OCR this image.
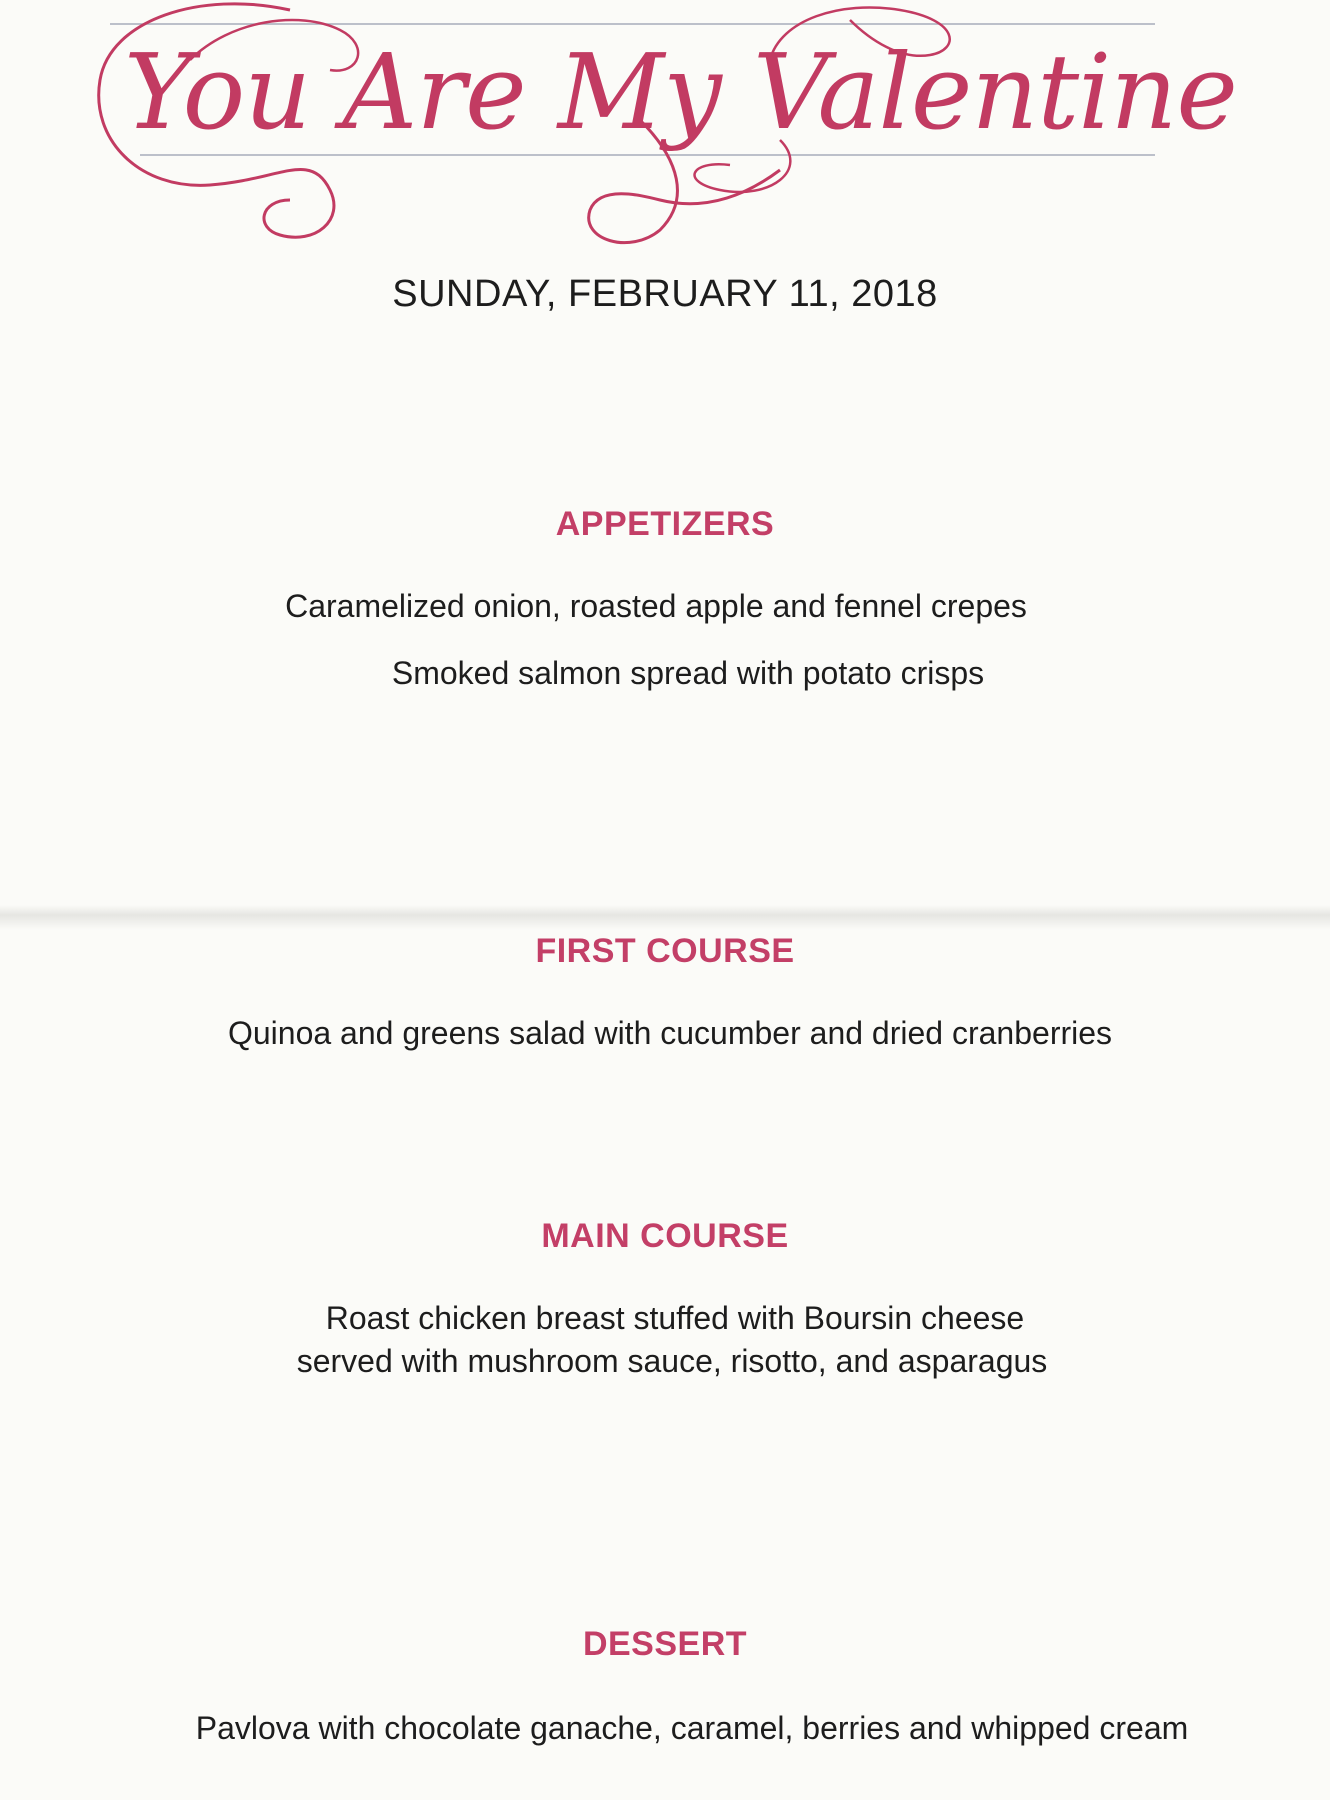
You Are My Valentine
SUNDAY, FEBRUARY 11, 2018
APPETIZERS
Caramelized onion, roasted apple and fennel crepes
Smoked salmon spread with potato crisps
FIRST COURSE
Quinoa and greens salad with cucumber and dried cranberries
MAIN COURSE
Roast chicken breast stuffed with Boursin cheese
served with mushroom sauce, risotto, and asparagus
DESSERT
Pavlova with chocolate ganache, caramel, berries and whipped cream
